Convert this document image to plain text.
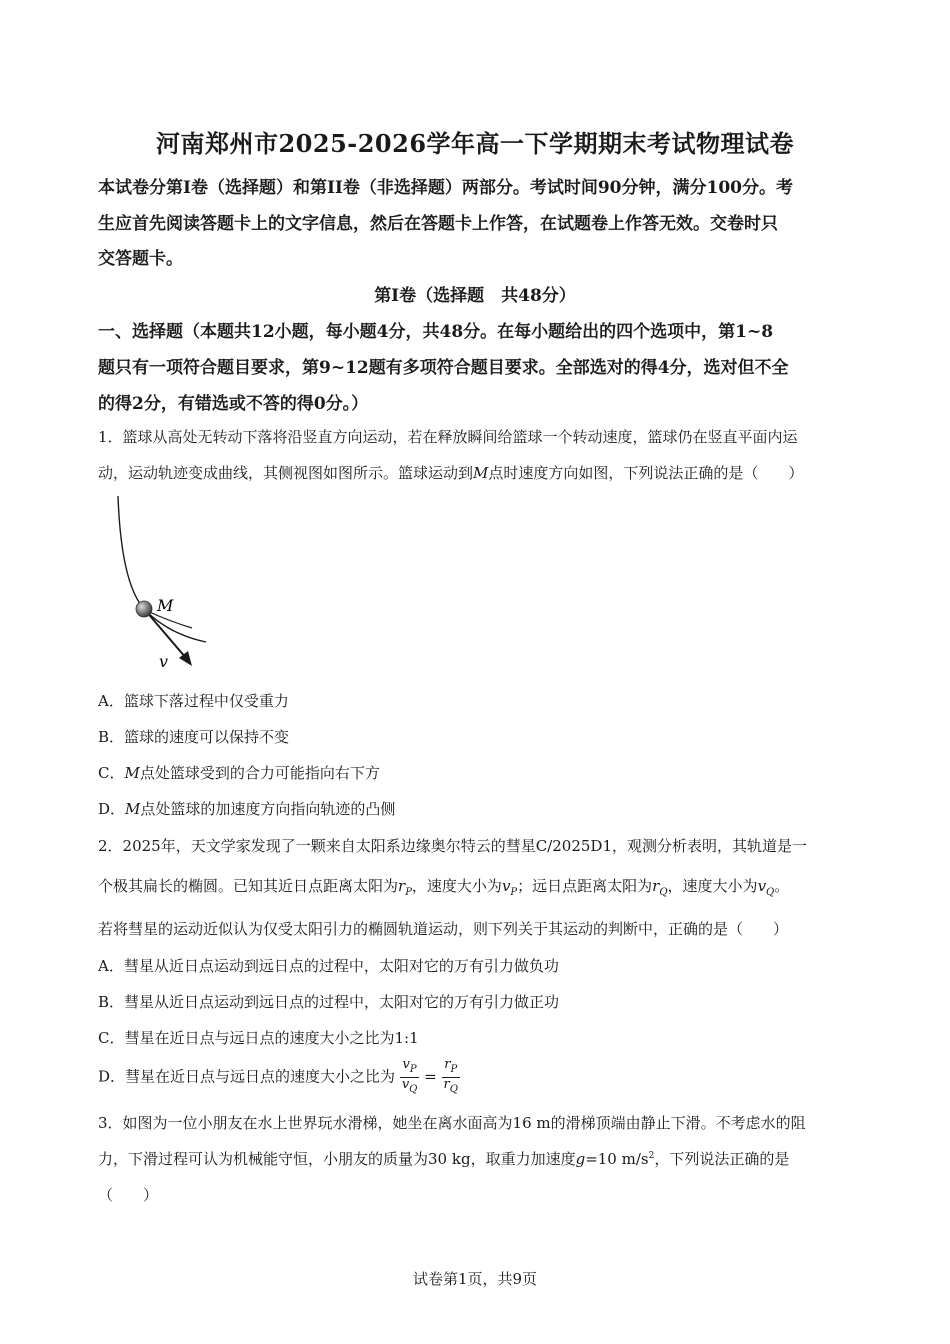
河南郑州市2025-2026学年高一下学期期末考试物理试卷
本试卷分第I卷（选择题）和第II卷（非选择题）两部分。考试时间90分钟，满分100分。考
生应首先阅读答题卡上的文字信息，然后在答题卡上作答，在试题卷上作答无效。交卷时只
交答题卡。
第I卷（选择题　共48分）
一、选择题（本题共12小题，每小题4分，共48分。在每小题给出的四个选项中，第1~8
题只有一项符合题目要求，第9~12题有多项符合题目要求。全部选对的得4分，选对但不全
的得2分，有错选或不答的得0分。）
1．篮球从高处无转动下落将沿竖直方向运动，若在释放瞬间给篮球一个转动速度，篮球仍在竖直平面内运
动，运动轨迹变成曲线，其侧视图如图所示。篮球运动到M点时速度方向如图，下列说法正确的是（　　）
M
v
A．篮球下落过程中仅受重力
B．篮球的速度可以保持不变
C．M点处篮球受到的合力可能指向右下方
D．M点处篮球的加速度方向指向轨迹的凸侧
2．2025年，天文学家发现了一颗来自太阳系边缘奥尔特云的彗星C/2025D1，观测分析表明，其轨道是一
个极其扁长的椭圆。已知其近日点距离太阳为$r_P$，速度大小为$v_P$；远日点距离太阳为$r_Q$，速度大小为$v_Q$。
若将彗星的运动近似认为仅受太阳引力的椭圆轨道运动，则下列关于其运动的判断中，正确的是（　　）
A．彗星从近日点运动到远日点的过程中，太阳对它的万有引力做负功
B．彗星从近日点运动到远日点的过程中，太阳对它的万有引力做正功
C．彗星在近日点与远日点的速度大小之比为1:1
D．彗星在近日点与远日点的速度大小之比为 $\frac{v_P}{v_Q} = \frac{r_P}{r_Q}$
3．如图为一位小朋友在水上世界玩水滑梯，她坐在离水面高为16 m的滑梯顶端由静止下滑。不考虑水的阻
力，下滑过程可认为机械能守恒，小朋友的质量为30 kg，取重力加速度g=10 $m/s^2$，下列说法正确的是
（　　）
试卷第1页，共9页
